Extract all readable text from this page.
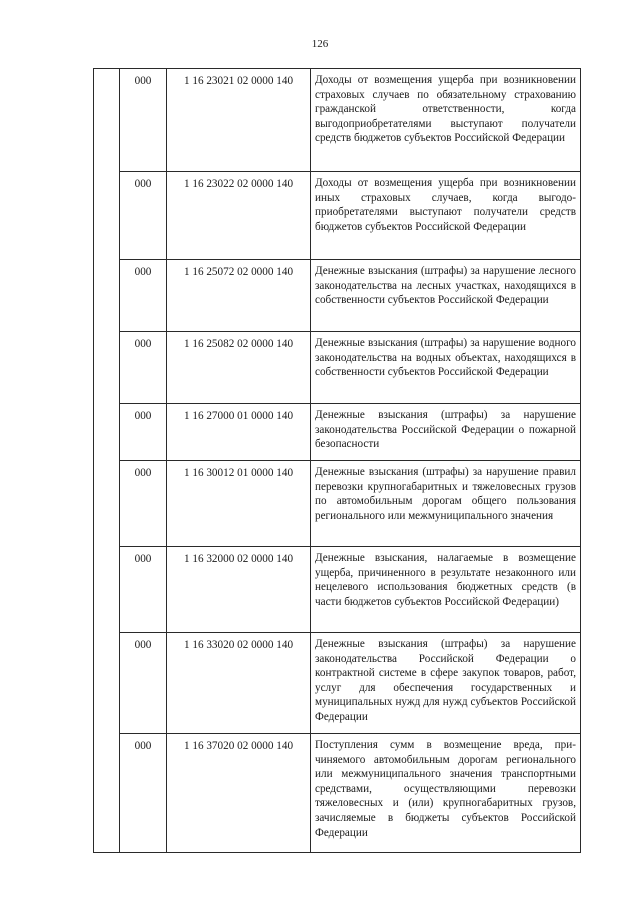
126
	000	1 16 23021 02 0000 140	Доходы от возмещения ущерба при возникновении страховых случаев по обязательному страхованию гражданской ответственности, когда выгодоприобретателями выступают получатели средств бюджетов субъектов Российской Федерации
	000	1 16 23022 02 0000 140	Доходы от возмещения ущерба при возникновении иных страховых случаев, когда выгодоприобретателями выступают получатели средств бюджетов субъектов Российской Федерации
	000	1 16 25072 02 0000 140	Денежные взыскания (штрафы) за нарушение лесного законодательства на лесных участках, находящихся в собственности субъектов Российской Федерации
	000	1 16 25082 02 0000 140	Денежные взыскания (штрафы) за нарушение водного законодательства на водных объектах, находящихся в собственности субъектов Российской Федерации
	000	1 16 27000 01 0000 140	Денежные взыскания (штрафы) за нарушение законодательства Российской Федерации о пожарной безопасности
	000	1 16 30012 01 0000 140	Денежные взыскания (штрафы) за нарушение правил перевозки крупногабаритных и тяжеловесных грузов по автомобильным дорогам общего пользования регионального или межмуниципального значения
	000	1 16 32000 02 0000 140	Денежные взыскания, налагаемые в возмещение ущерба, причиненного в результате незаконного или нецелевого использования бюджетных средств (в части бюджетов субъектов Российской Федерации)
	000	1 16 33020 02 0000 140	Денежные взыскания (штрафы) за нарушение законодательства Российской Федерации о контрактной системе в сфере закупок товаров, работ, услуг для обеспечения государственных и муниципальных нужд для нужд субъектов Российской Федерации
	000	1 16 37020 02 0000 140	Поступления сумм в возмещение вреда, причиняемого автомобильным дорогам регионального или межмуниципального значения транспортными средствами, осуществляющими перевозки тяжеловесных и (или) крупногабаритных грузов, зачисляемые в бюджеты субъектов Российской Федерации
